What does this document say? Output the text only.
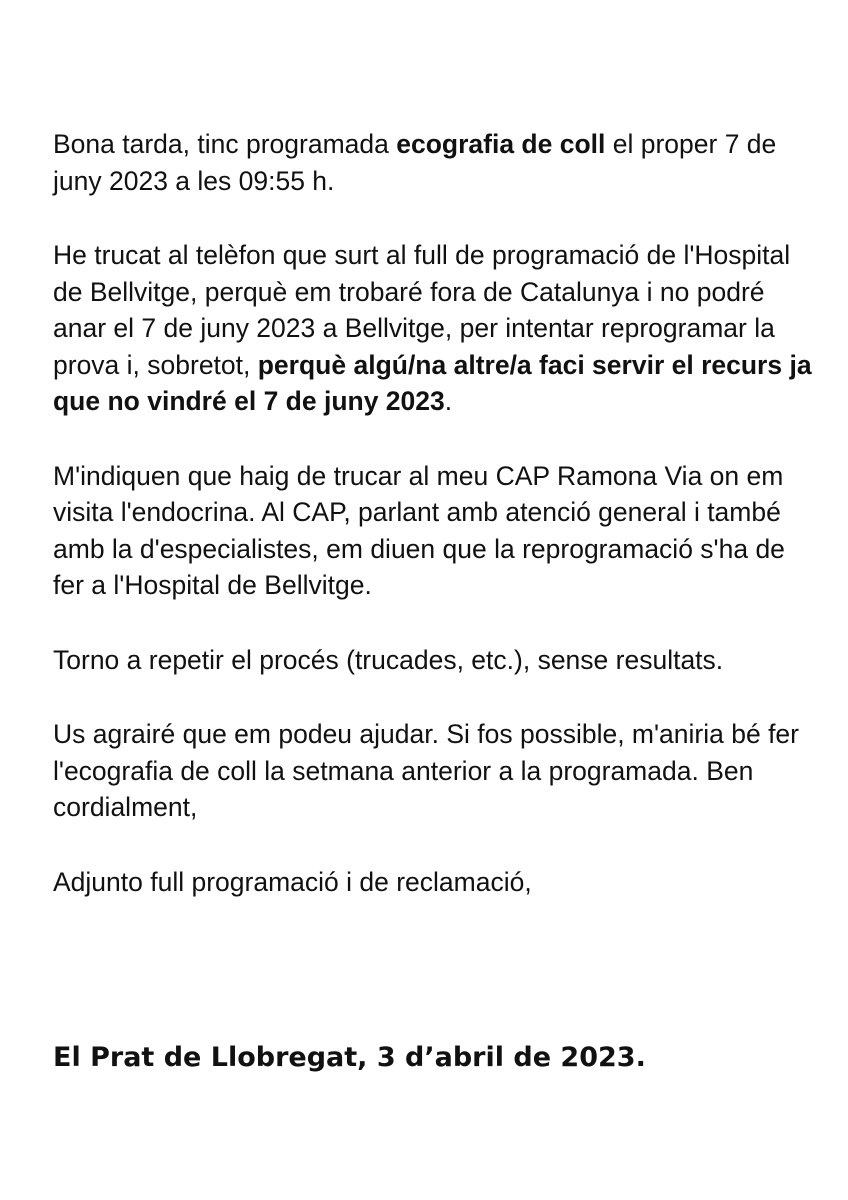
Bona tarda, tinc programada ecografia de coll el proper 7 de juny 2023 a les 09:55 h.

He trucat al telèfon que surt al full de programació de l'Hospital de Bellvitge, perquè em trobaré fora de Catalunya i no podré anar el 7 de juny 2023 a Bellvitge, per intentar reprogramar la prova i, sobretot, perquè algú/na altre/a faci servir el recurs ja que no vindré el 7 de juny 2023.

M'indiquen que haig de trucar al meu CAP Ramona Via on em visita l'endocrina. Al CAP, parlant amb atenció general i també amb la d'especialistes, em diuen que la reprogramació s'ha de fer a l'Hospital de Bellvitge.

Torno a repetir el procés (trucades, etc.), sense resultats.

Us agrairé que em podeu ajudar. Si fos possible, m'aniria bé fer l'ecografia de coll la setmana anterior a la programada. Ben cordialment,

Adjunto full programació i de reclamació,

El Prat de Llobregat, 3 d’abril de 2023.
